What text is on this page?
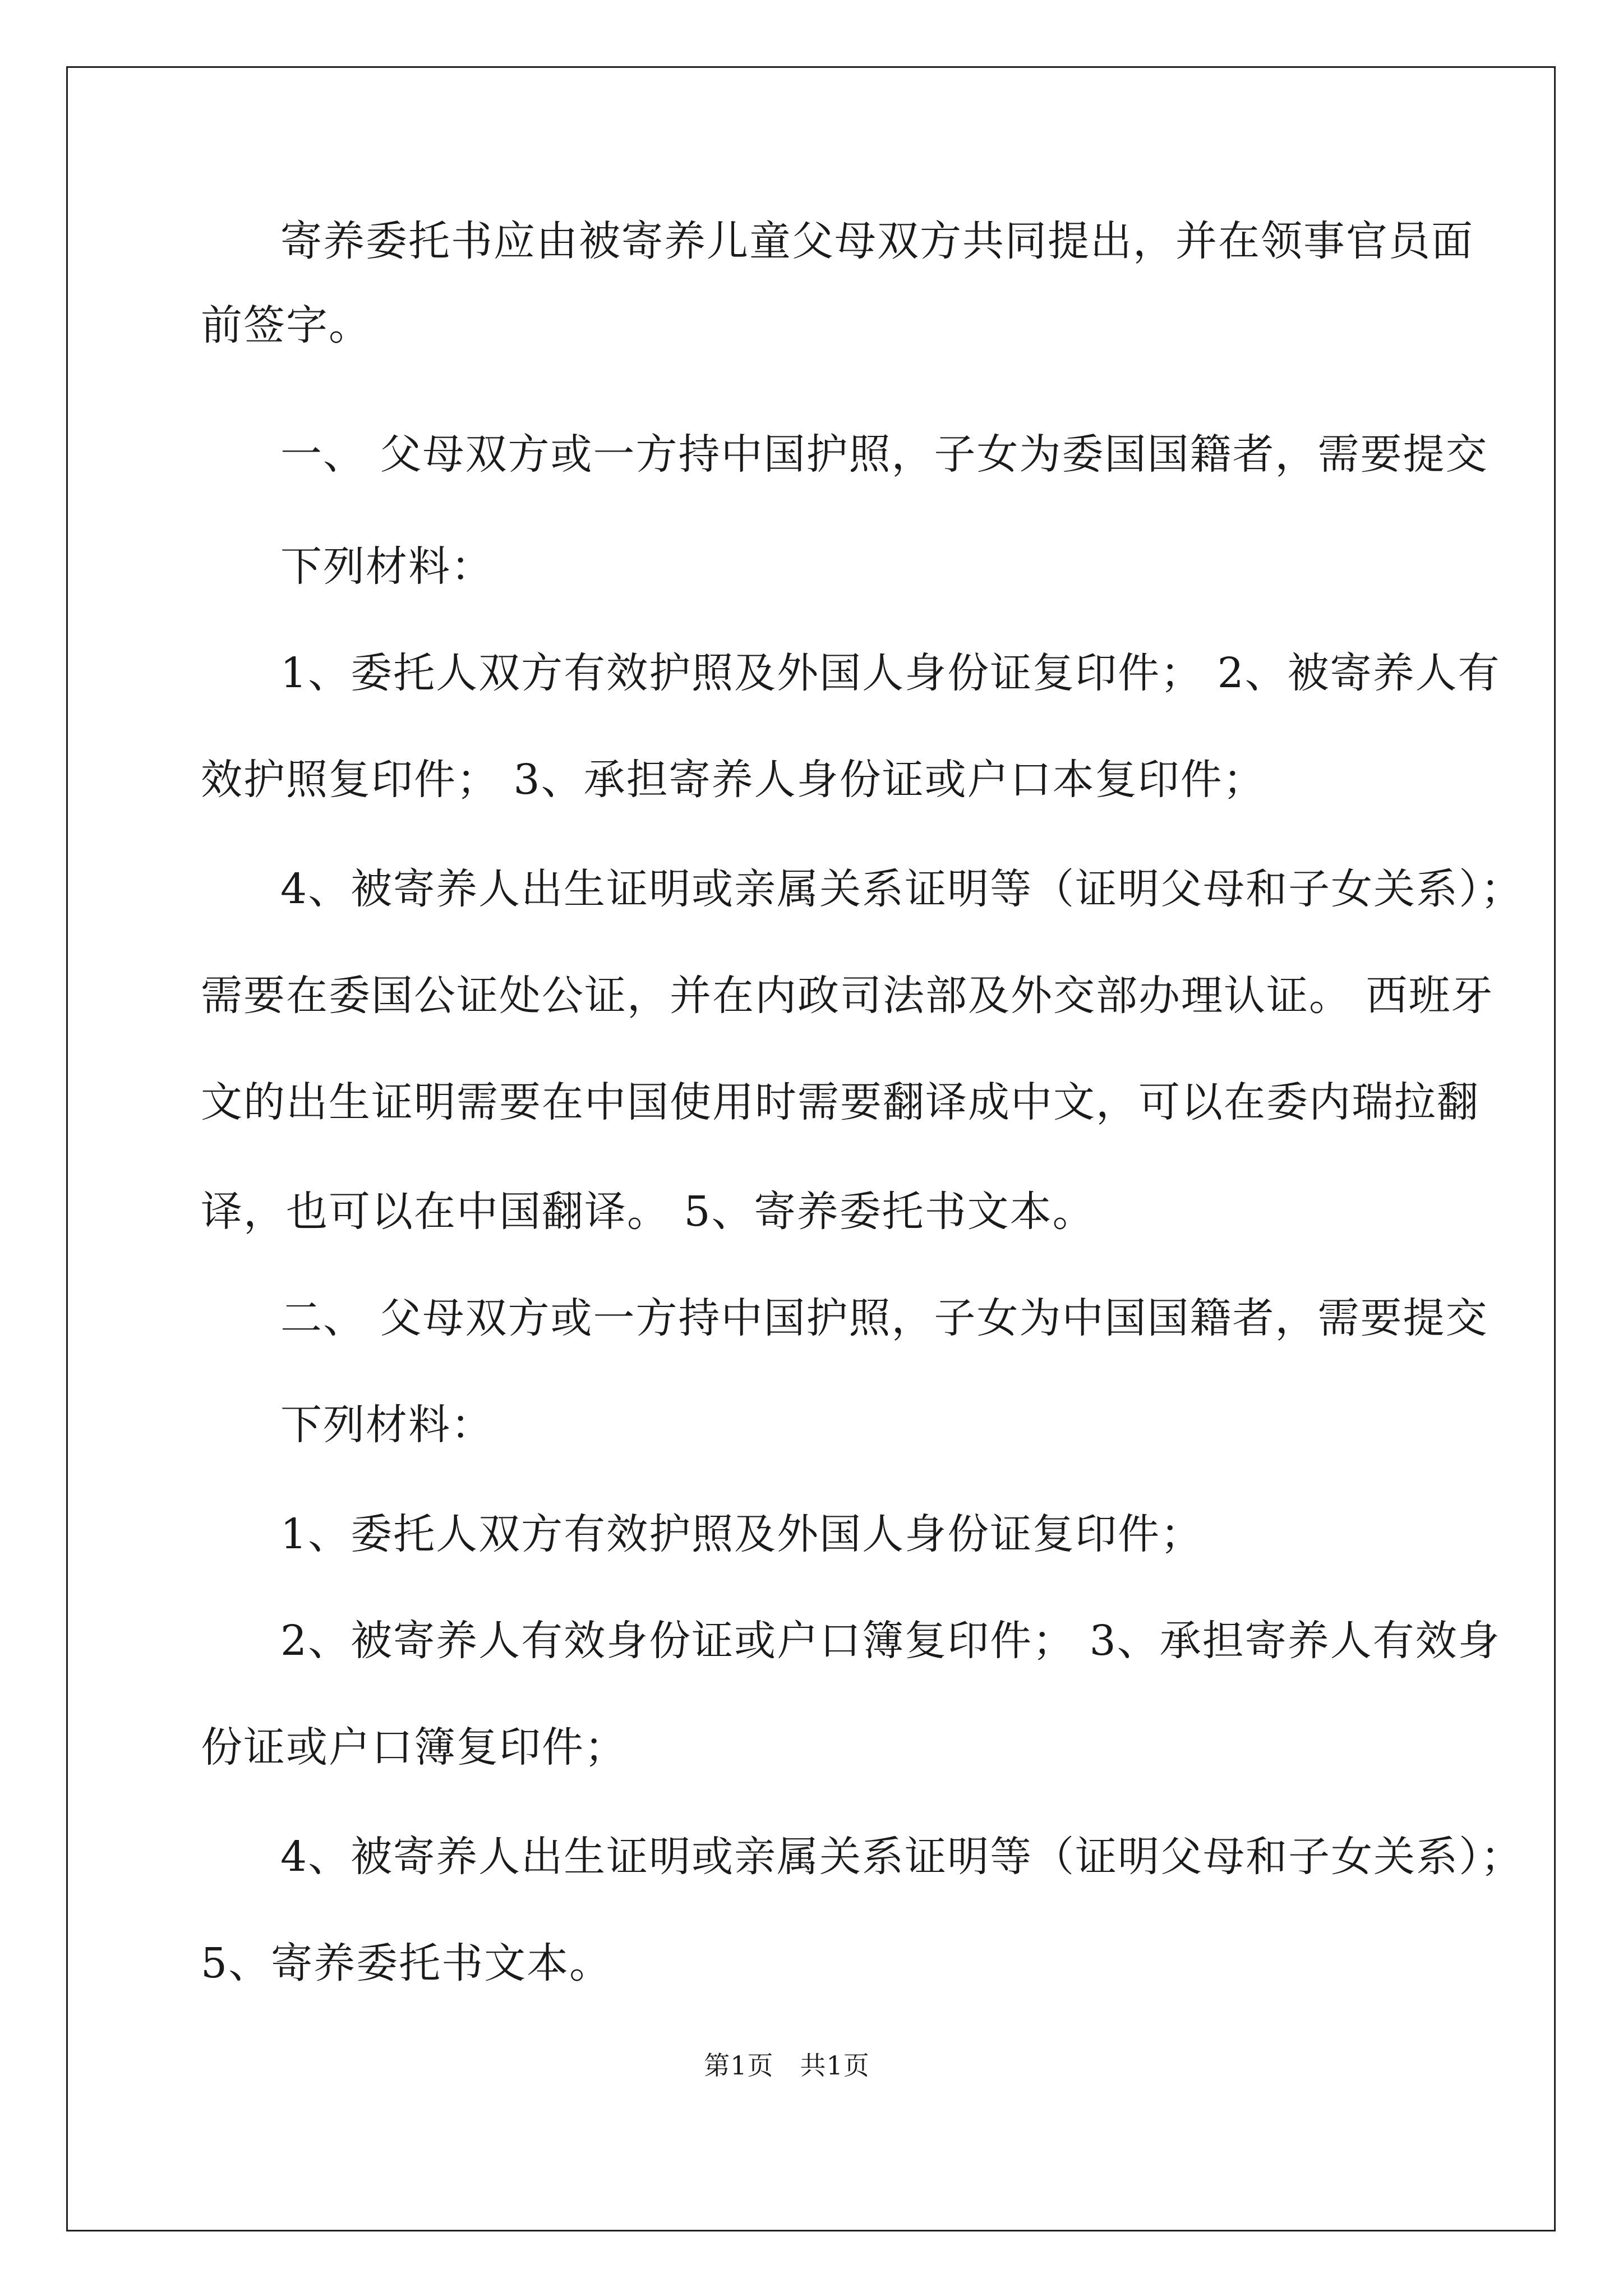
寄养委托书应由被寄养儿童父母双方共同提出，并在领事官员面
前签字。
一、 父母双方或一方持中国护照，子女为委国国籍者，需要提交
下列材料：
1、委托人双方有效护照及外国人身份证复印件； 2、被寄养人有
效护照复印件； 3、承担寄养人身份证或户口本复印件；
4、被寄养人出生证明或亲属关系证明等（证明父母和子女关系）；
需要在委国公证处公证，并在内政司法部及外交部办理认证。 西班牙
文的出生证明需要在中国使用时需要翻译成中文，可以在委内瑞拉翻
译，也可以在中国翻译。 5、寄养委托书文本。
二、 父母双方或一方持中国护照，子女为中国国籍者，需要提交
下列材料：
1、委托人双方有效护照及外国人身份证复印件；
2、被寄养人有效身份证或户口簿复印件； 3、承担寄养人有效身
份证或户口簿复印件；
4、被寄养人出生证明或亲属关系证明等（证明父母和子女关系）；
5、寄养委托书文本。
第1页　共1页
